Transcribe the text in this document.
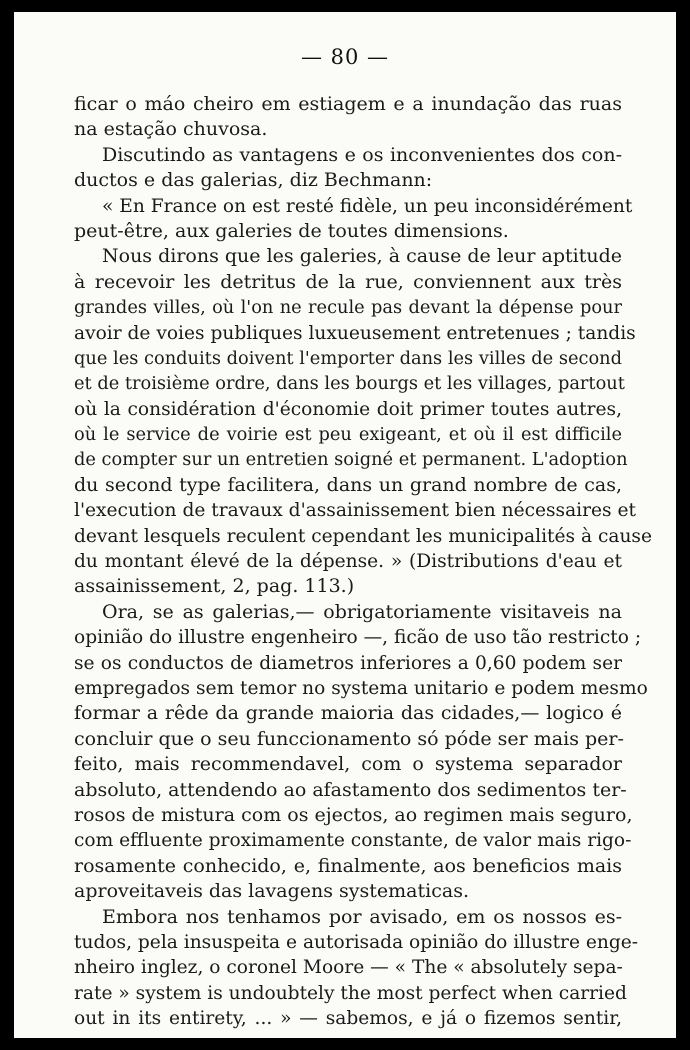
— 80 —
ficar o máo cheiro em estiagem e a inundação das ruas
na estação chuvosa.
Discutindo as vantagens e os inconvenientes dos con-
ductos e das galerias, diz Bechmann:
« En France on est resté fidèle, un peu inconsidérément
peut-être, aux galeries de toutes dimensions.
Nous dirons que les galeries, à cause de leur aptitude
à recevoir les detritus de la rue, conviennent aux très
grandes villes, où l'on ne recule pas devant la dépense pour
avoir de voies publiques luxueusement entretenues ; tandis
que les conduits doivent l'emporter dans les villes de second
et de troisième ordre, dans les bourgs et les villages, partout
où la considération d'économie doit primer toutes autres,
où le service de voirie est peu exigeant, et où il est difficile
de compter sur un entretien soigné et permanent. L'adoption
du second type facilitera, dans un grand nombre de cas,
l'execution de travaux d'assainissement bien nécessaires et
devant lesquels reculent cependant les municipalités à cause
du montant élevé de la dépense. » (Distributions d'eau et
assainissement, 2, pag. 113.)
Ora, se as galerias,— obrigatoriamente visitaveis na
opinião do illustre engenheiro —, ficão de uso tão restricto ;
se os conductos de diametros inferiores a 0,60 podem ser
empregados sem temor no systema unitario e podem mesmo
formar a rêde da grande maioria das cidades,— logico é
concluir que o seu funccionamento só póde ser mais per-
feito, mais recommendavel, com o systema separador
absoluto, attendendo ao afastamento dos sedimentos ter-
rosos de mistura com os ejectos, ao regimen mais seguro,
com effluente proximamente constante, de valor mais rigo-
rosamente conhecido, e, finalmente, aos beneficios mais
aproveitaveis das lavagens systematicas.
Embora nos tenhamos por avisado, em os nossos es-
tudos, pela insuspeita e autorisada opinião do illustre enge-
nheiro inglez, o coronel Moore — « The « absolutely sepa-
rate » system is undoubtely the most perfect when carried
out in its entirety, ... » — sabemos, e já o fizemos sentir,
